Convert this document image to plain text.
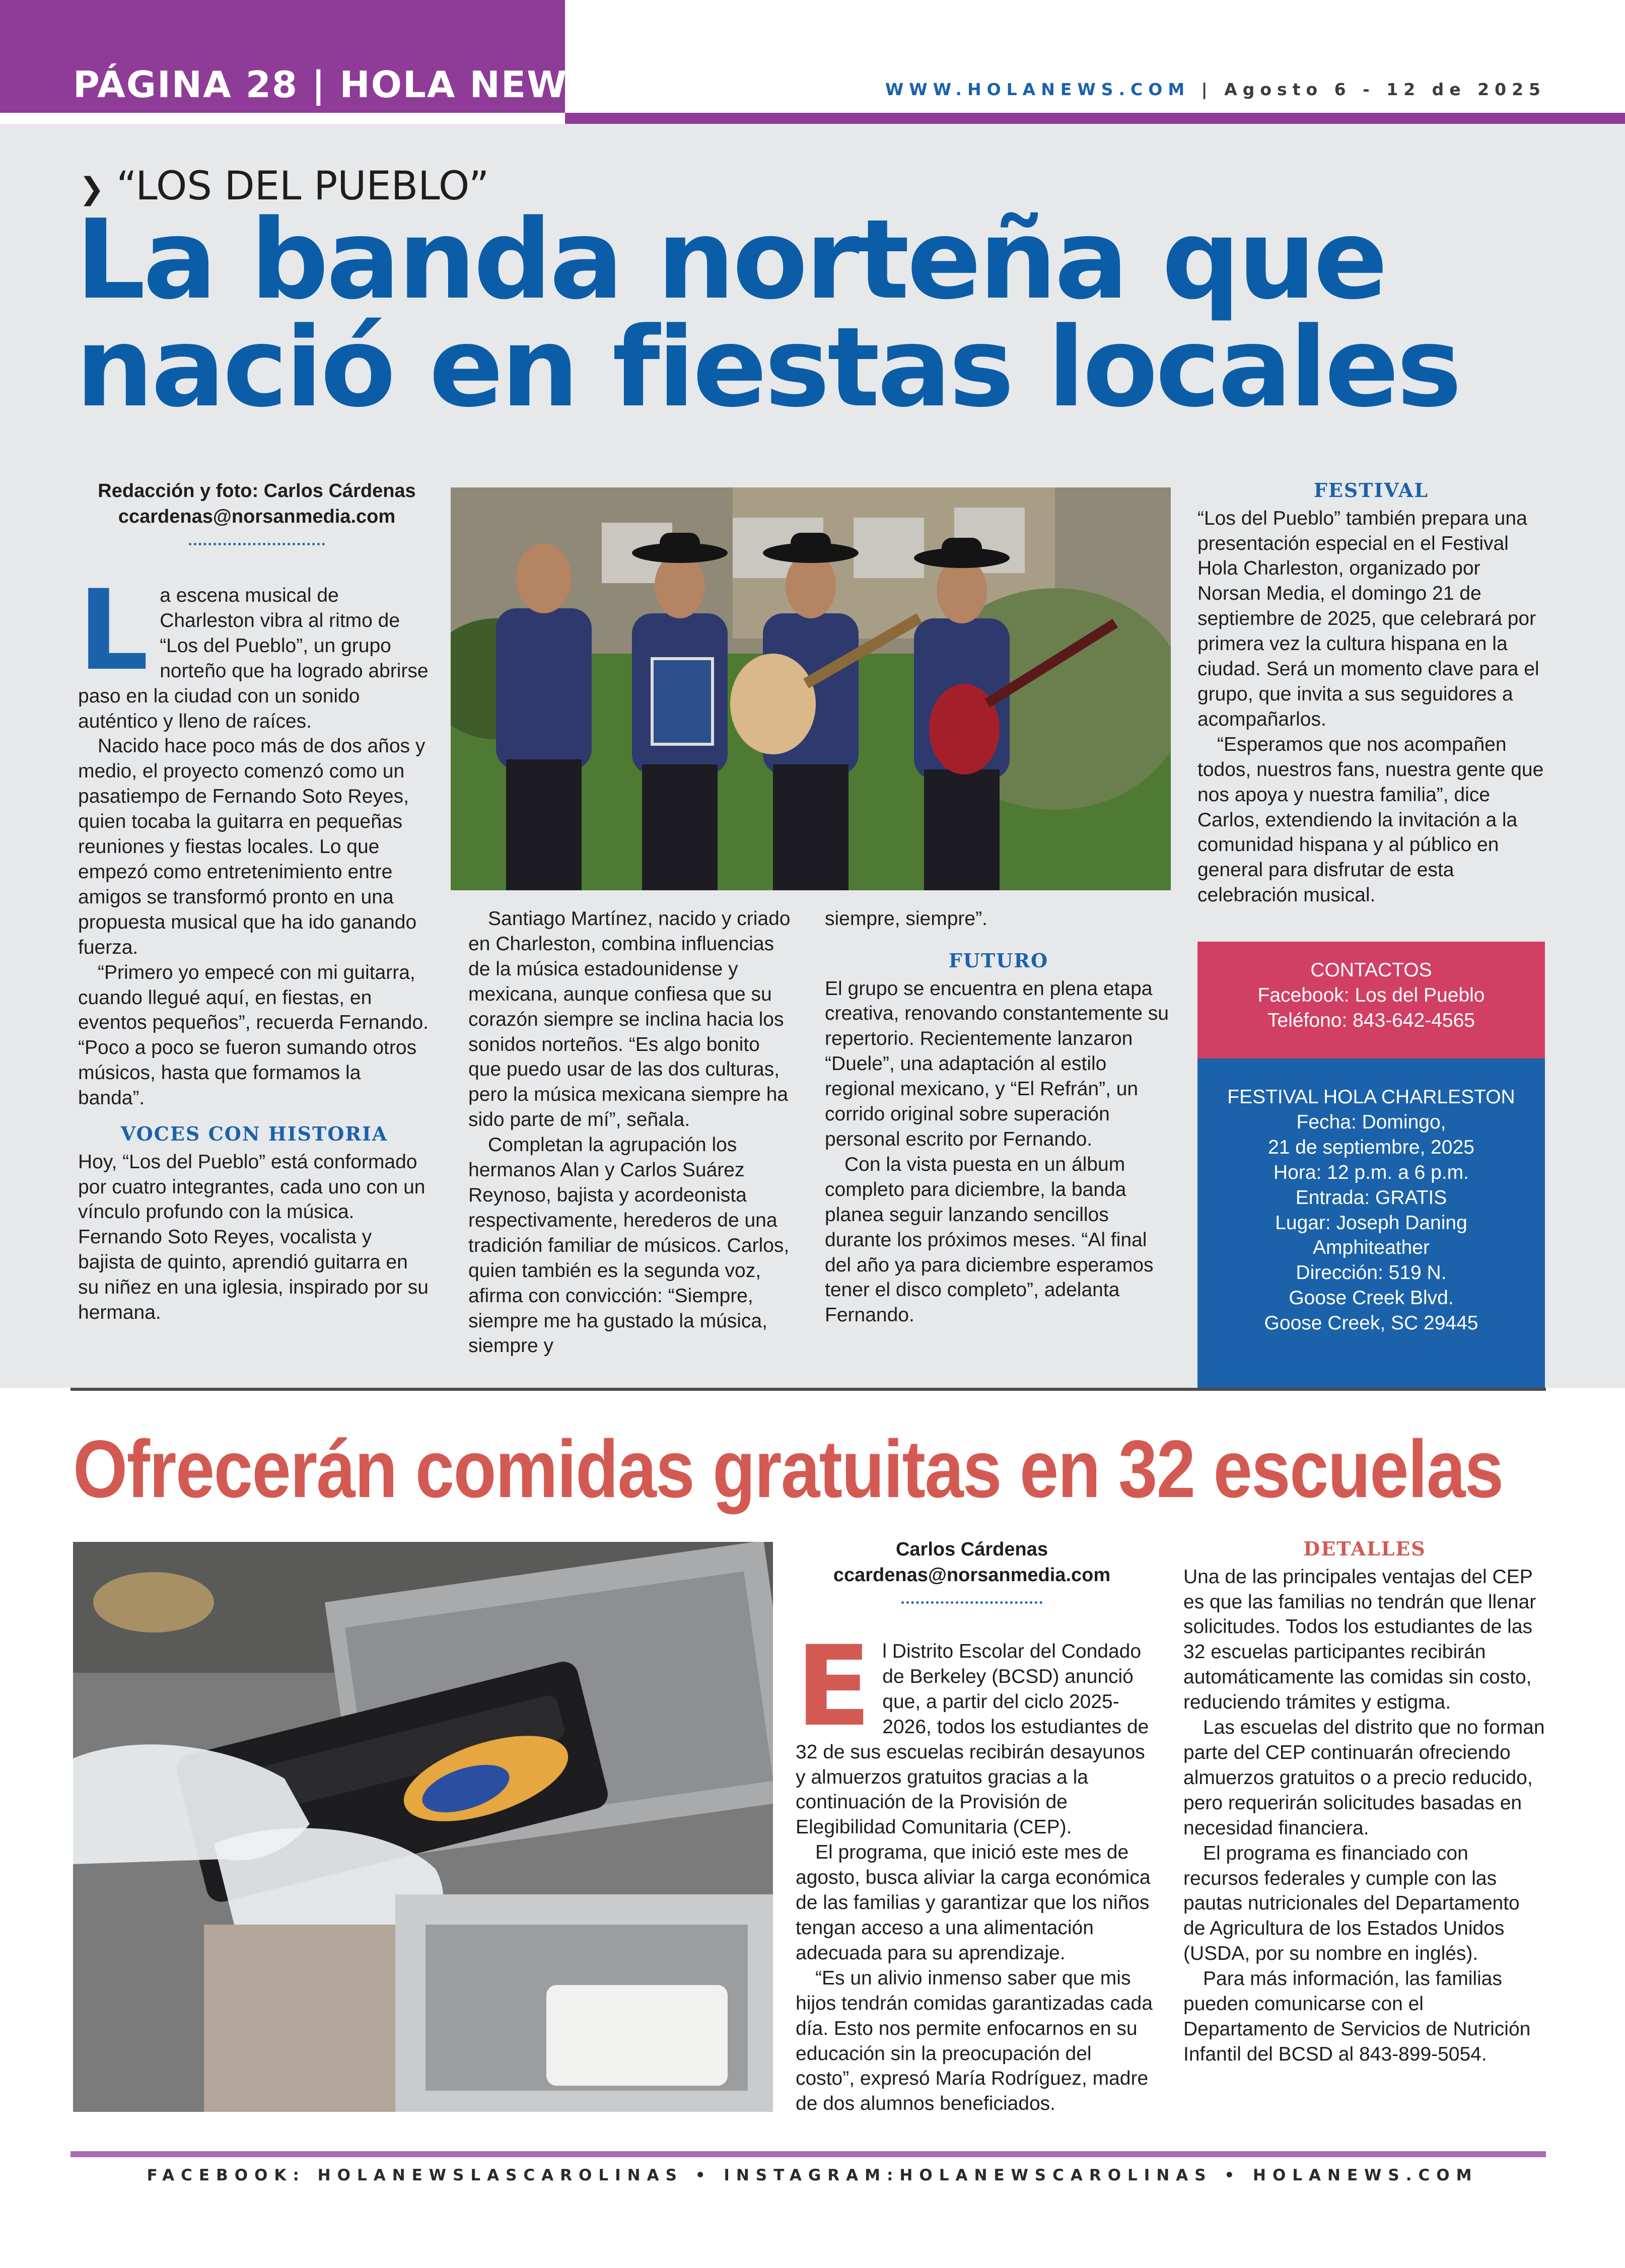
PÁGINA 28 | HOLA NEWS	WWW.HOLANEWS.COM | Agosto 6 - 12 de 2025
❯ “LOS DEL PUEBLO”
La banda norteña que nació en fiestas locales
Redacción y foto: Carlos Cárdenas
ccardenas@norsanmedia.com

La escena musical de Charleston vibra al ritmo de “Los del Pueblo”, un grupo norteño que ha logrado abrirse paso en la ciudad con un sonido auténtico y lleno de raíces.

Nacido hace poco más de dos años y medio, el proyecto comenzó como un pasatiempo de Fernando Soto Reyes, quien tocaba la guitarra en pequeñas reuniones y fiestas locales. Lo que empezó como entretenimiento entre amigos se transformó pronto en una propuesta musical que ha ido ganando fuerza.

“Primero yo empecé con mi guitarra, cuando llegué aquí, en fiestas, en eventos pequeños”, recuerda Fernando. “Poco a poco se fueron sumando otros músicos, hasta que formamos la banda”.

VOCES CON HISTORIA

Hoy, “Los del Pueblo” está conformado por cuatro integrantes, cada uno con un vínculo profundo con la música. Fernando Soto Reyes, vocalista y bajista de quinto, aprendió guitarra en su niñez en una iglesia, inspirado por su hermana.

Santiago Martínez, nacido y criado en Charleston, combina influencias de la música estadounidense y mexicana, aunque confiesa que su corazón siempre se inclina hacia los sonidos norteños. “Es algo bonito que puedo usar de las dos culturas, pero la música mexicana siempre ha sido parte de mí”, señala.

Completan la agrupación los hermanos Alan y Carlos Suárez Reynoso, bajista y acordeonista respectivamente, herederos de una tradición familiar de músicos. Carlos, quien también es la segunda voz, afirma con convicción: “Siempre, siempre me ha gustado la música, siempre y

siempre, siempre”.

FUTURO

El grupo se encuentra en plena etapa creativa, renovando constantemente su repertorio. Recientemente lanzaron “Duele”, una adaptación al estilo regional mexicano, y “El Refrán”, un corrido original sobre superación personal escrito por Fernando.

Con la vista puesta en un álbum completo para diciembre, la banda planea seguir lanzando sencillos durante los próximos meses. “Al final del año ya para diciembre esperamos tener el disco completo”, adelanta Fernando.

FESTIVAL

“Los del Pueblo” también prepara una presentación especial en el Festival Hola Charleston, organizado por Norsan Media, el domingo 21 de septiembre de 2025, que celebrará por primera vez la cultura hispana en la ciudad. Será un momento clave para el grupo, que invita a sus seguidores a acompañarlos.

“Esperamos que nos acompañen todos, nuestros fans, nuestra gente que nos apoya y nuestra familia”, dice Carlos, extendiendo la invitación a la comunidad hispana y al público en general para disfrutar de esta celebración musical.

CONTACTOS
Facebook: Los del Pueblo
Teléfono: 843-642-4565
FESTIVAL HOLA CHARLESTON
Fecha: Domingo,
21 de septiembre, 2025
Hora: 12 p.m. a 6 p.m.
Entrada: GRATIS
Lugar: Joseph Daning
Amphiteather
Dirección: 519 N.
Goose Creek Blvd.
Goose Creek, SC 29445
Ofrecerán comidas gratuitas en 32 escuelas
Carlos Cárdenas
ccardenas@norsanmedia.com

El Distrito Escolar del Condado de Berkeley (BCSD) anunció que, a partir del ciclo 2025-2026, todos los estudiantes de 32 de sus escuelas recibirán desayunos y almuerzos gratuitos gracias a la continuación de la Provisión de Elegibilidad Comunitaria (CEP).

El programa, que inició este mes de agosto, busca aliviar la carga económica de las familias y garantizar que los niños tengan acceso a una alimentación adecuada para su aprendizaje.

“Es un alivio inmenso saber que mis hijos tendrán comidas garantizadas cada día. Esto nos permite enfocarnos en su educación sin la preocupación del costo”, expresó María Rodríguez, madre de dos alumnos beneficiados.

DETALLES

Una de las principales ventajas del CEP es que las familias no tendrán que llenar solicitudes. Todos los estudiantes de las 32 escuelas participantes recibirán automáticamente las comidas sin costo, reduciendo trámites y estigma.

Las escuelas del distrito que no forman parte del CEP continuarán ofreciendo almuerzos gratuitos o a precio reducido, pero requerirán solicitudes basadas en necesidad financiera.

El programa es financiado con recursos federales y cumple con las pautas nutricionales del Departamento de Agricultura de los Estados Unidos (USDA, por su nombre en inglés).

Para más información, las familias pueden comunicarse con el Departamento de Servicios de Nutrición Infantil del BCSD al 843-899-5054.

FACEBOOK: HOLANEWSLASCAROLINAS • INSTAGRAM:HOLANEWSCAROLINAS • HOLANEWS.COM
